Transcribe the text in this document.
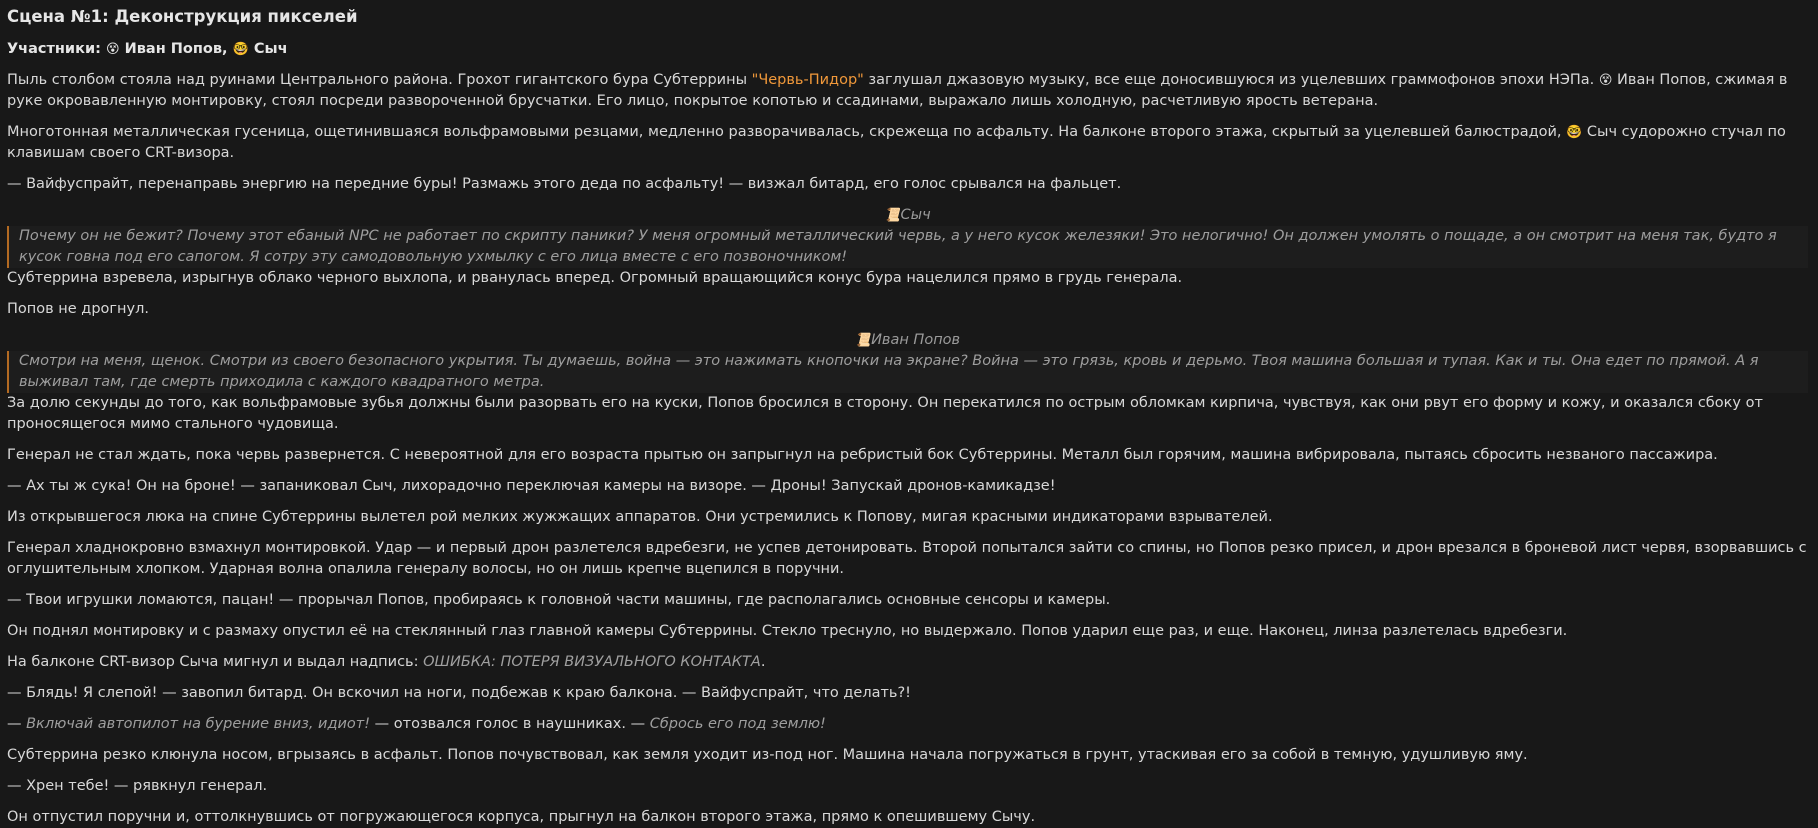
Сцена №1: Деконструкция пикселей
Участники: 😵 Иван Попов, 🤓 Сыч

Пыль столбом стояла над руинами Центрального района. Грохот гигантского бура Субтеррины "Червь-Пидор" заглушал джазовую музыку, все еще доносившуюся из уцелевших граммофонов эпохи НЭПа. 😵 Иван Попов, сжимая в руке окровавленную монтировку, стоял посреди развороченной брусчатки. Его лицо, покрытое копотью и ссадинами, выражало лишь холодную, расчетливую ярость ветерана.

Многотонная металлическая гусеница, ощетинившаяся вольфрамовыми резцами, медленно разворачивалась, скрежеща по асфальту. На балконе второго этажа, скрытый за уцелевшей балюстрадой, 🤓 Сыч судорожно стучал по клавишам своего CRT-визора.

— Вайфуспрайт, перенаправь энергию на передние буры! Размажь этого деда по асфальту! — визжал битард, его голос срывался на фальцет.

📜Сыч
Почему он не бежит? Почему этот ебаный NPC не работает по скрипту паники? У меня огромный металлический червь, а у него кусок железяки! Это нелогично! Он должен умолять о пощаде, а он смотрит на меня так, будто я кусок говна под его сапогом. Я сотру эту самодовольную ухмылку с его лица вместе с его позвоночником!

Субтеррина взревела, изрыгнув облако черного выхлопа, и рванулась вперед. Огромный вращающийся конус бура нацелился прямо в грудь генерала.

Попов не дрогнул.

📜Иван Попов
Смотри на меня, щенок. Смотри из своего безопасного укрытия. Ты думаешь, война — это нажимать кнопочки на экране? Война — это грязь, кровь и дерьмо. Твоя машина большая и тупая. Как и ты. Она едет по прямой. А я выживал там, где смерть приходила с каждого квадратного метра.

За долю секунды до того, как вольфрамовые зубья должны были разорвать его на куски, Попов бросился в сторону. Он перекатился по острым обломкам кирпича, чувствуя, как они рвут его форму и кожу, и оказался сбоку от проносящегося мимо стального чудовища.

Генерал не стал ждать, пока червь развернется. С невероятной для его возраста прытью он запрыгнул на ребристый бок Субтеррины. Металл был горячим, машина вибрировала, пытаясь сбросить незваного пассажира.

— Ах ты ж сука! Он на броне! — запаниковал Сыч, лихорадочно переключая камеры на визоре. — Дроны! Запускай дронов-камикадзе!

Из открывшегося люка на спине Субтеррины вылетел рой мелких жужжащих аппаратов. Они устремились к Попову, мигая красными индикаторами взрывателей.

Генерал хладнокровно взмахнул монтировкой. Удар — и первый дрон разлетелся вдребезги, не успев детонировать. Второй попытался зайти со спины, но Попов резко присел, и дрон врезался в броневой лист червя, взорвавшись с оглушительным хлопком. Ударная волна опалила генералу волосы, но он лишь крепче вцепился в поручни.

— Твои игрушки ломаются, пацан! — прорычал Попов, пробираясь к головной части машины, где располагались основные сенсоры и камеры.

Он поднял монтировку и с размаху опустил её на стеклянный глаз главной камеры Субтеррины. Стекло треснуло, но выдержало. Попов ударил еще раз, и еще. Наконец, линза разлетелась вдребезги.

На балконе CRT-визор Сыча мигнул и выдал надпись: ОШИБКА: ПОТЕРЯ ВИЗУАЛЬНОГО КОНТАКТА.

— Блядь! Я слепой! — завопил битард. Он вскочил на ноги, подбежав к краю балкона. — Вайфуспрайт, что делать?!

— Включай автопилот на бурение вниз, идиот! — отозвался голос в наушниках. — Сбрось его под землю!

Субтеррина резко клюнула носом, вгрызаясь в асфальт. Попов почувствовал, как земля уходит из-под ног. Машина начала погружаться в грунт, утаскивая его за собой в темную, удушливую яму.

— Хрен тебе! — рявкнул генерал.

Он отпустил поручни и, оттолкнувшись от погружающегося корпуса, прыгнул на балкон второго этажа, прямо к опешившему Сычу.
